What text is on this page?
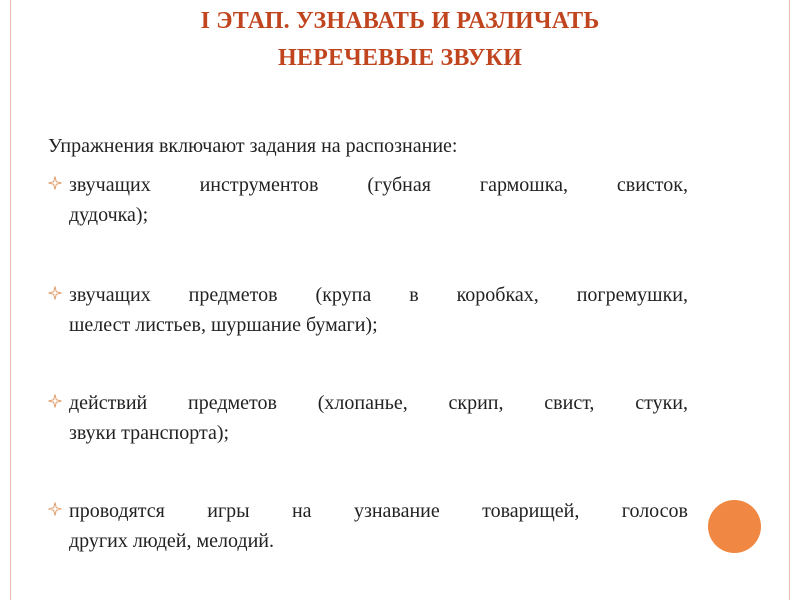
I ЭТАП. УЗНАВАТЬ И РАЗЛИЧАТЬ
НЕРЕЧЕВЫЕ ЗВУКИ
Упражнения включают задания на распознание:
звучащих инструментов (губная гармошка, свисток,
дудочка);
звучащих предметов (крупа в коробках, погремушки,
шелест листьев, шуршание бумаги);
действий предметов (хлопанье, скрип, свист, стуки,
звуки транспорта);
проводятся игры на узнавание товарищей, голосов
других людей, мелодий.
